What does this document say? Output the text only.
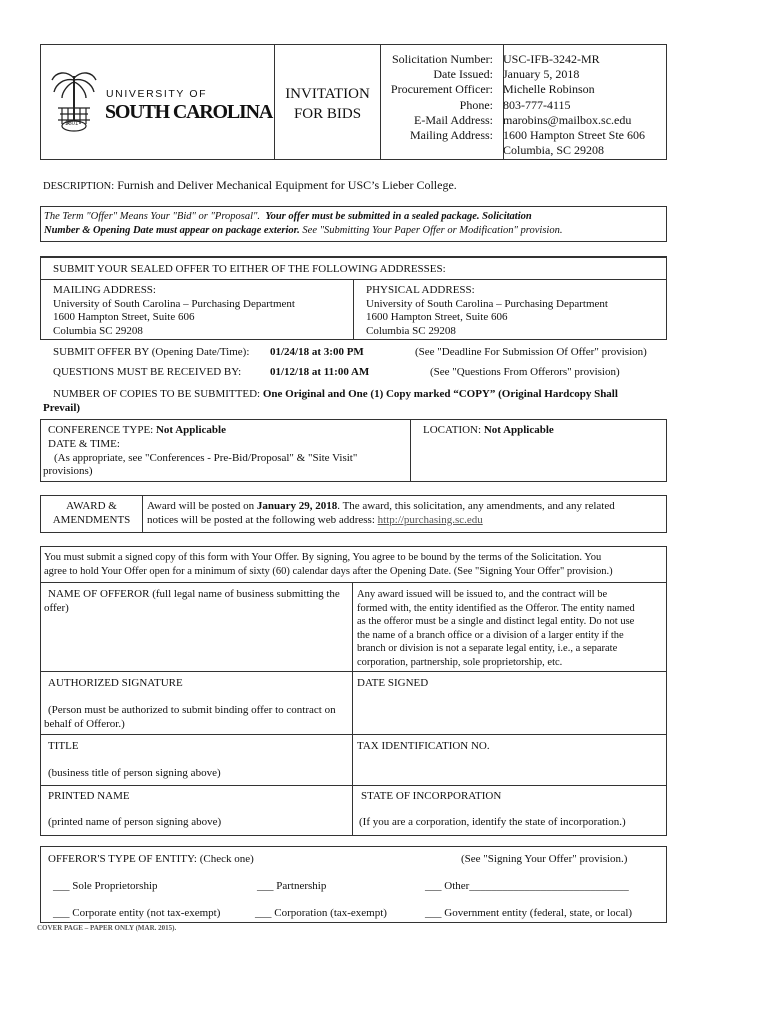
1801
UNIVERSITY OF
SOUTH CAROLINA
INVITATION
FOR BIDS
Solicitation Number: USC-IFB-3242-MR
Date Issued: January 5, 2018
Procurement Officer: Michelle Robinson
Phone: 803-777-4115
E-Mail Address: marobins@mailbox.sc.edu
Mailing Address: 1600 Hampton Street Ste 606
Columbia, SC 29208
DESCRIPTION: Furnish and Deliver Mechanical Equipment for USC’s Lieber College.
The Term "Offer" Means Your "Bid" or "Proposal". Your offer must be submitted in a sealed package. Solicitation
Number & Opening Date must appear on package exterior. See "Submitting Your Paper Offer or Modification" provision.
SUBMIT YOUR SEALED OFFER TO EITHER OF THE FOLLOWING ADDRESSES:
MAILING ADDRESS:
University of South Carolina – Purchasing Department
1600 Hampton Street, Suite 606
Columbia SC 29208
PHYSICAL ADDRESS:
University of South Carolina – Purchasing Department
1600 Hampton Street, Suite 606
Columbia SC 29208
SUBMIT OFFER BY (Opening Date/Time): 01/24/18 at 3:00 PM	(See "Deadline For Submission Of Offer" provision)
QUESTIONS MUST BE RECEIVED BY:	01/12/18 at 11:00 AM	(See "Questions From Offerors" provision)
NUMBER OF COPIES TO BE SUBMITTED: One Original and One (1) Copy marked “COPY” (Original Hardcopy Shall
Prevail)
CONFERENCE TYPE: Not Applicable
DATE & TIME:
(As appropriate, see "Conferences - Pre-Bid/Proposal" & "Site Visit"
provisions)
LOCATION: Not Applicable
AWARD &
AMENDMENTS
Award will be posted on January 29, 2018. The award, this solicitation, any amendments, and any related
notices will be posted at the following web address: http://purchasing.sc.edu
You must submit a signed copy of this form with Your Offer. By signing, You agree to be bound by the terms of the Solicitation. You
agree to hold Your Offer open for a minimum of sixty (60) calendar days after the Opening Date. (See "Signing Your Offer" provision.)
NAME OF OFFEROR (full legal name of business submitting the
offer)
Any award issued will be issued to, and the contract will be
formed with, the entity identified as the Offeror. The entity named
as the offeror must be a single and distinct legal entity. Do not use
the name of a branch office or a division of a larger entity if the
branch or division is not a separate legal entity, i.e., a separate
corporation, partnership, sole proprietorship, etc.
AUTHORIZED SIGNATURE
(Person must be authorized to submit binding offer to contract on
behalf of Offeror.)
DATE SIGNED
TITLE
(business title of person signing above)
TAX IDENTIFICATION NO.
PRINTED NAME
(printed name of person signing above)
STATE OF INCORPORATION
(If you are a corporation, identify the state of incorporation.)
OFFEROR'S TYPE OF ENTITY: (Check one)	(See "Signing Your Offer" provision.)
___ Sole Proprietorship	___ Partnership	___ Other_____________________________
___ Corporate entity (not tax-exempt)	___ Corporation (tax-exempt)	___ Government entity (federal, state, or local)
COVER PAGE – PAPER ONLY (MAR. 2015).
